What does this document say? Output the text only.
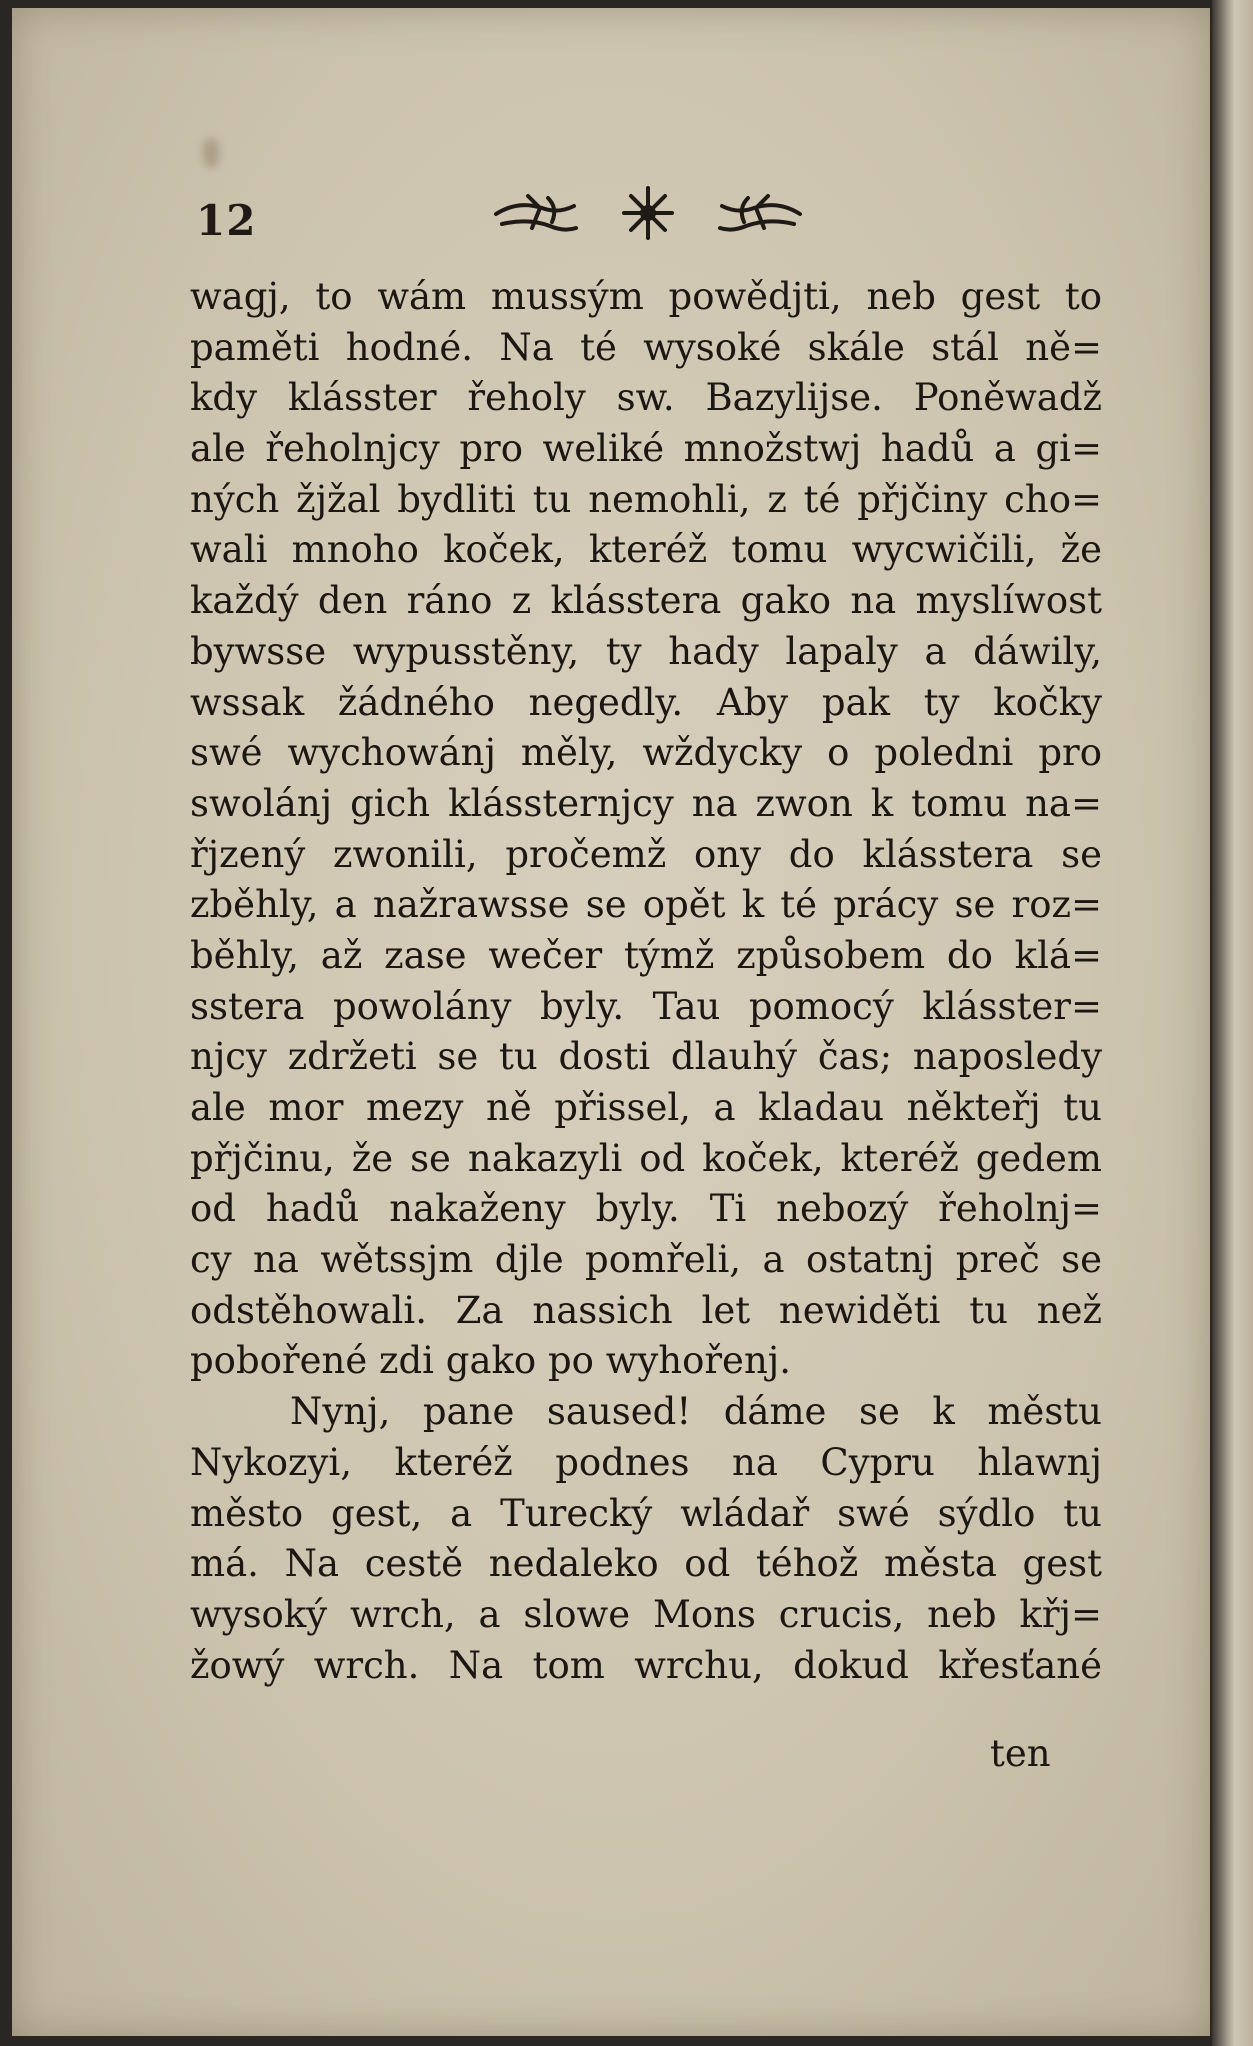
12
wagj, to wám mussým powědjti, neb gest to
paměti hodné. Na té wysoké skále stál ně=
kdy klásster řeholy sw. Bazylijse. Poněwadž
ale řeholnjcy pro weliké množstwj hadů a gi=
ných žjžal bydliti tu nemohli, z té přjčiny cho=
wali mnoho koček, kteréž tomu wycwičili, že
každý den ráno z klásstera gako na myslíwost
bywsse wypusstěny, ty hady lapaly a dáwily,
wssak žádného negedly. Aby pak ty kočky
swé wychowánj měly, wždycky o poledni pro
swolánj gich klássternjcy na zwon k tomu na=
řjzený zwonili, pročemž ony do klásstera se
zběhly, a nažrawsse se opět k té prácy se roz=
běhly, až zase wečer týmž způsobem do klá=
sstera powolány byly. Tau pomocý klásster=
njcy zdržeti se tu dosti dlauhý čas; naposledy
ale mor mezy ně přissel, a kladau někteřj tu
přjčinu, že se nakazyli od koček, kteréž gedem
od hadů nakaženy byly. Ti nebozý řeholnj=
cy na wětssjm djle pomřeli, a ostatnj preč se
odstěhowali. Za nassich let newiděti tu než
pobořené zdi gako po wyhořenj.
Nynj, pane saused! dáme se k městu
Nykozyi, kteréž podnes na Cypru hlawnj
město gest, a Turecký wládař swé sýdlo tu
má. Na cestě nedaleko od téhož města gest
wysoký wrch, a slowe Mons crucis, neb křj=
žowý wrch. Na tom wrchu, dokud křesťané
ten
